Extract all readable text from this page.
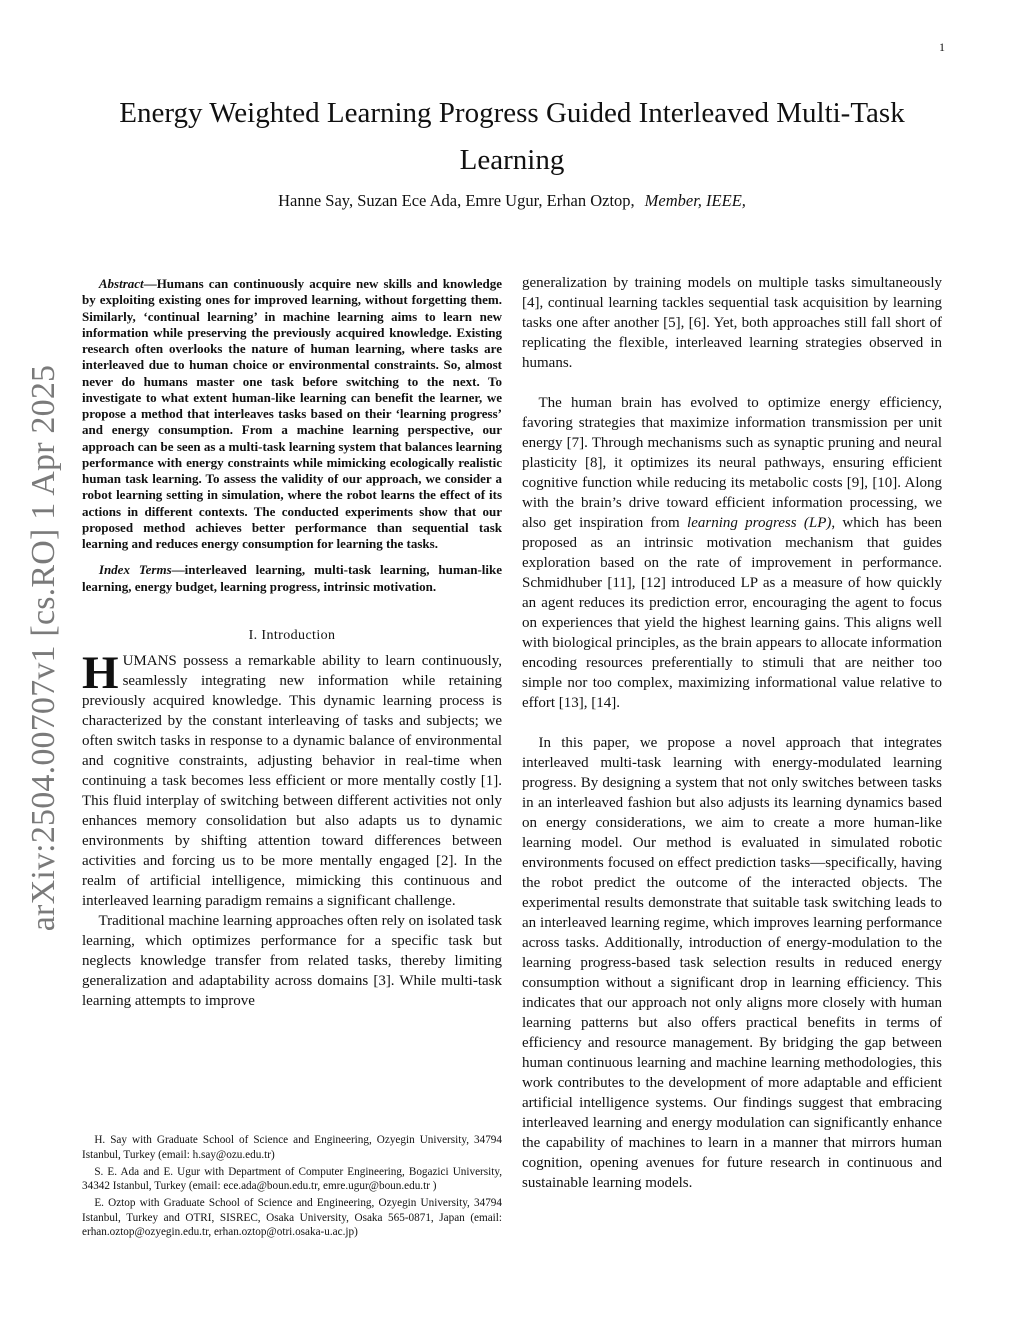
1
arXiv:2504.00707v1 [cs.RO] 1 Apr 2025
Energy Weighted Learning Progress Guided Interleaved Multi-Task Learning
Hanne Say, Suzan Ece Ada, Emre Ugur, Erhan Oztop, Member, IEEE,

Abstract—Humans can continuously acquire new skills and knowledge by exploiting existing ones for improved learning, without forgetting them. Similarly, ‘continual learning’ in machine learning aims to learn new information while preserving the previously acquired knowledge. Existing research often overlooks the nature of human learning, where tasks are interleaved due to human choice or environmental constraints. So, almost never do humans master one task before switching to the next. To investigate to what extent human-like learning can benefit the learner, we propose a method that interleaves tasks based on their ‘learning progress’ and energy consumption. From a machine learning perspective, our approach can be seen as a multi-task learning system that balances learning performance with energy constraints while mimicking ecologically realistic human task learning. To assess the validity of our approach, we consider a robot learning setting in simulation, where the robot learns the effect of its actions in different contexts. The conducted experiments show that our proposed method achieves better performance than sequential task learning and reduces energy consumption for learning the tasks.

Index Terms—interleaved learning, multi-task learning, human-like learning, energy budget, learning progress, intrinsic motivation.

I. Introduction

HUMANS possess a remarkable ability to learn continuously, seamlessly integrating new information while retaining previously acquired knowledge. This dynamic learning process is characterized by the constant interleaving of tasks and subjects; we often switch tasks in response to a dynamic balance of environmental and cognitive constraints, adjusting behavior in real-time when continuing a task becomes less efficient or more mentally costly [1]. This fluid interplay of switching between different activities not only enhances memory consolidation but also adapts us to dynamic environments by shifting attention toward differences between activities and forcing us to be more mentally engaged [2]. In the realm of artificial intelligence, mimicking this continuous and interleaved learning paradigm remains a significant challenge.

Traditional machine learning approaches often rely on isolated task learning, which optimizes performance for a specific task but neglects knowledge transfer from related tasks, thereby limiting generalization and adaptability across domains [3]. While multi-task learning attempts to improve

H. Say with Graduate School of Science and Engineering, Ozyegin University, 34794 Istanbul, Turkey (email: h.say@ozu.edu.tr)

S. E. Ada and E. Ugur with Department of Computer Engineering, Bogazici University, 34342 Istanbul, Turkey (email: ece.ada@boun.edu.tr, emre.ugur@boun.edu.tr )

E. Oztop with Graduate School of Science and Engineering, Ozyegin University, 34794 Istanbul, Turkey and OTRI, SISREC, Osaka University, Osaka 565-0871, Japan (email: erhan.oztop@ozyegin.edu.tr, erhan.oztop@otri.osaka-u.ac.jp)

generalization by training models on multiple tasks simultaneously [4], continual learning tackles sequential task acquisition by learning tasks one after another [5], [6]. Yet, both approaches still fall short of replicating the flexible, interleaved learning strategies observed in humans.

The human brain has evolved to optimize energy efficiency, favoring strategies that maximize information transmission per unit energy [7]. Through mechanisms such as synaptic pruning and neural plasticity [8], it optimizes its neural pathways, ensuring efficient cognitive function while reducing its metabolic costs [9], [10]. Along with the brain’s drive toward efficient information processing, we also get inspiration from learning progress (LP), which has been proposed as an intrinsic motivation mechanism that guides exploration based on the rate of improvement in performance. Schmidhuber [11], [12] introduced LP as a measure of how quickly an agent reduces its prediction error, encouraging the agent to focus on experiences that yield the highest learning gains. This aligns well with biological principles, as the brain appears to allocate information encoding resources preferentially to stimuli that are neither too simple nor too complex, maximizing informational value relative to effort [13], [14].

In this paper, we propose a novel approach that integrates interleaved multi-task learning with energy-modulated learning progress. By designing a system that not only switches between tasks in an interleaved fashion but also adjusts its learning dynamics based on energy considerations, we aim to create a more human-like learning model. Our method is evaluated in simulated robotic environments focused on effect prediction tasks—specifically, having the robot predict the outcome of the interacted objects. The experimental results demonstrate that suitable task switching leads to an interleaved learning regime, which improves learning performance across tasks. Additionally, introduction of energy-modulation to the learning progress-based task selection results in reduced energy consumption without a significant drop in learning efficiency. This indicates that our approach not only aligns more closely with human learning patterns but also offers practical benefits in terms of efficiency and resource management. By bridging the gap between human continuous learning and machine learning methodologies, this work contributes to the development of more adaptable and efficient artificial intelligence systems. Our findings suggest that embracing interleaved learning and energy modulation can significantly enhance the capability of machines to learn in a manner that mirrors human cognition, opening avenues for future research in continuous and sustainable learning models.
